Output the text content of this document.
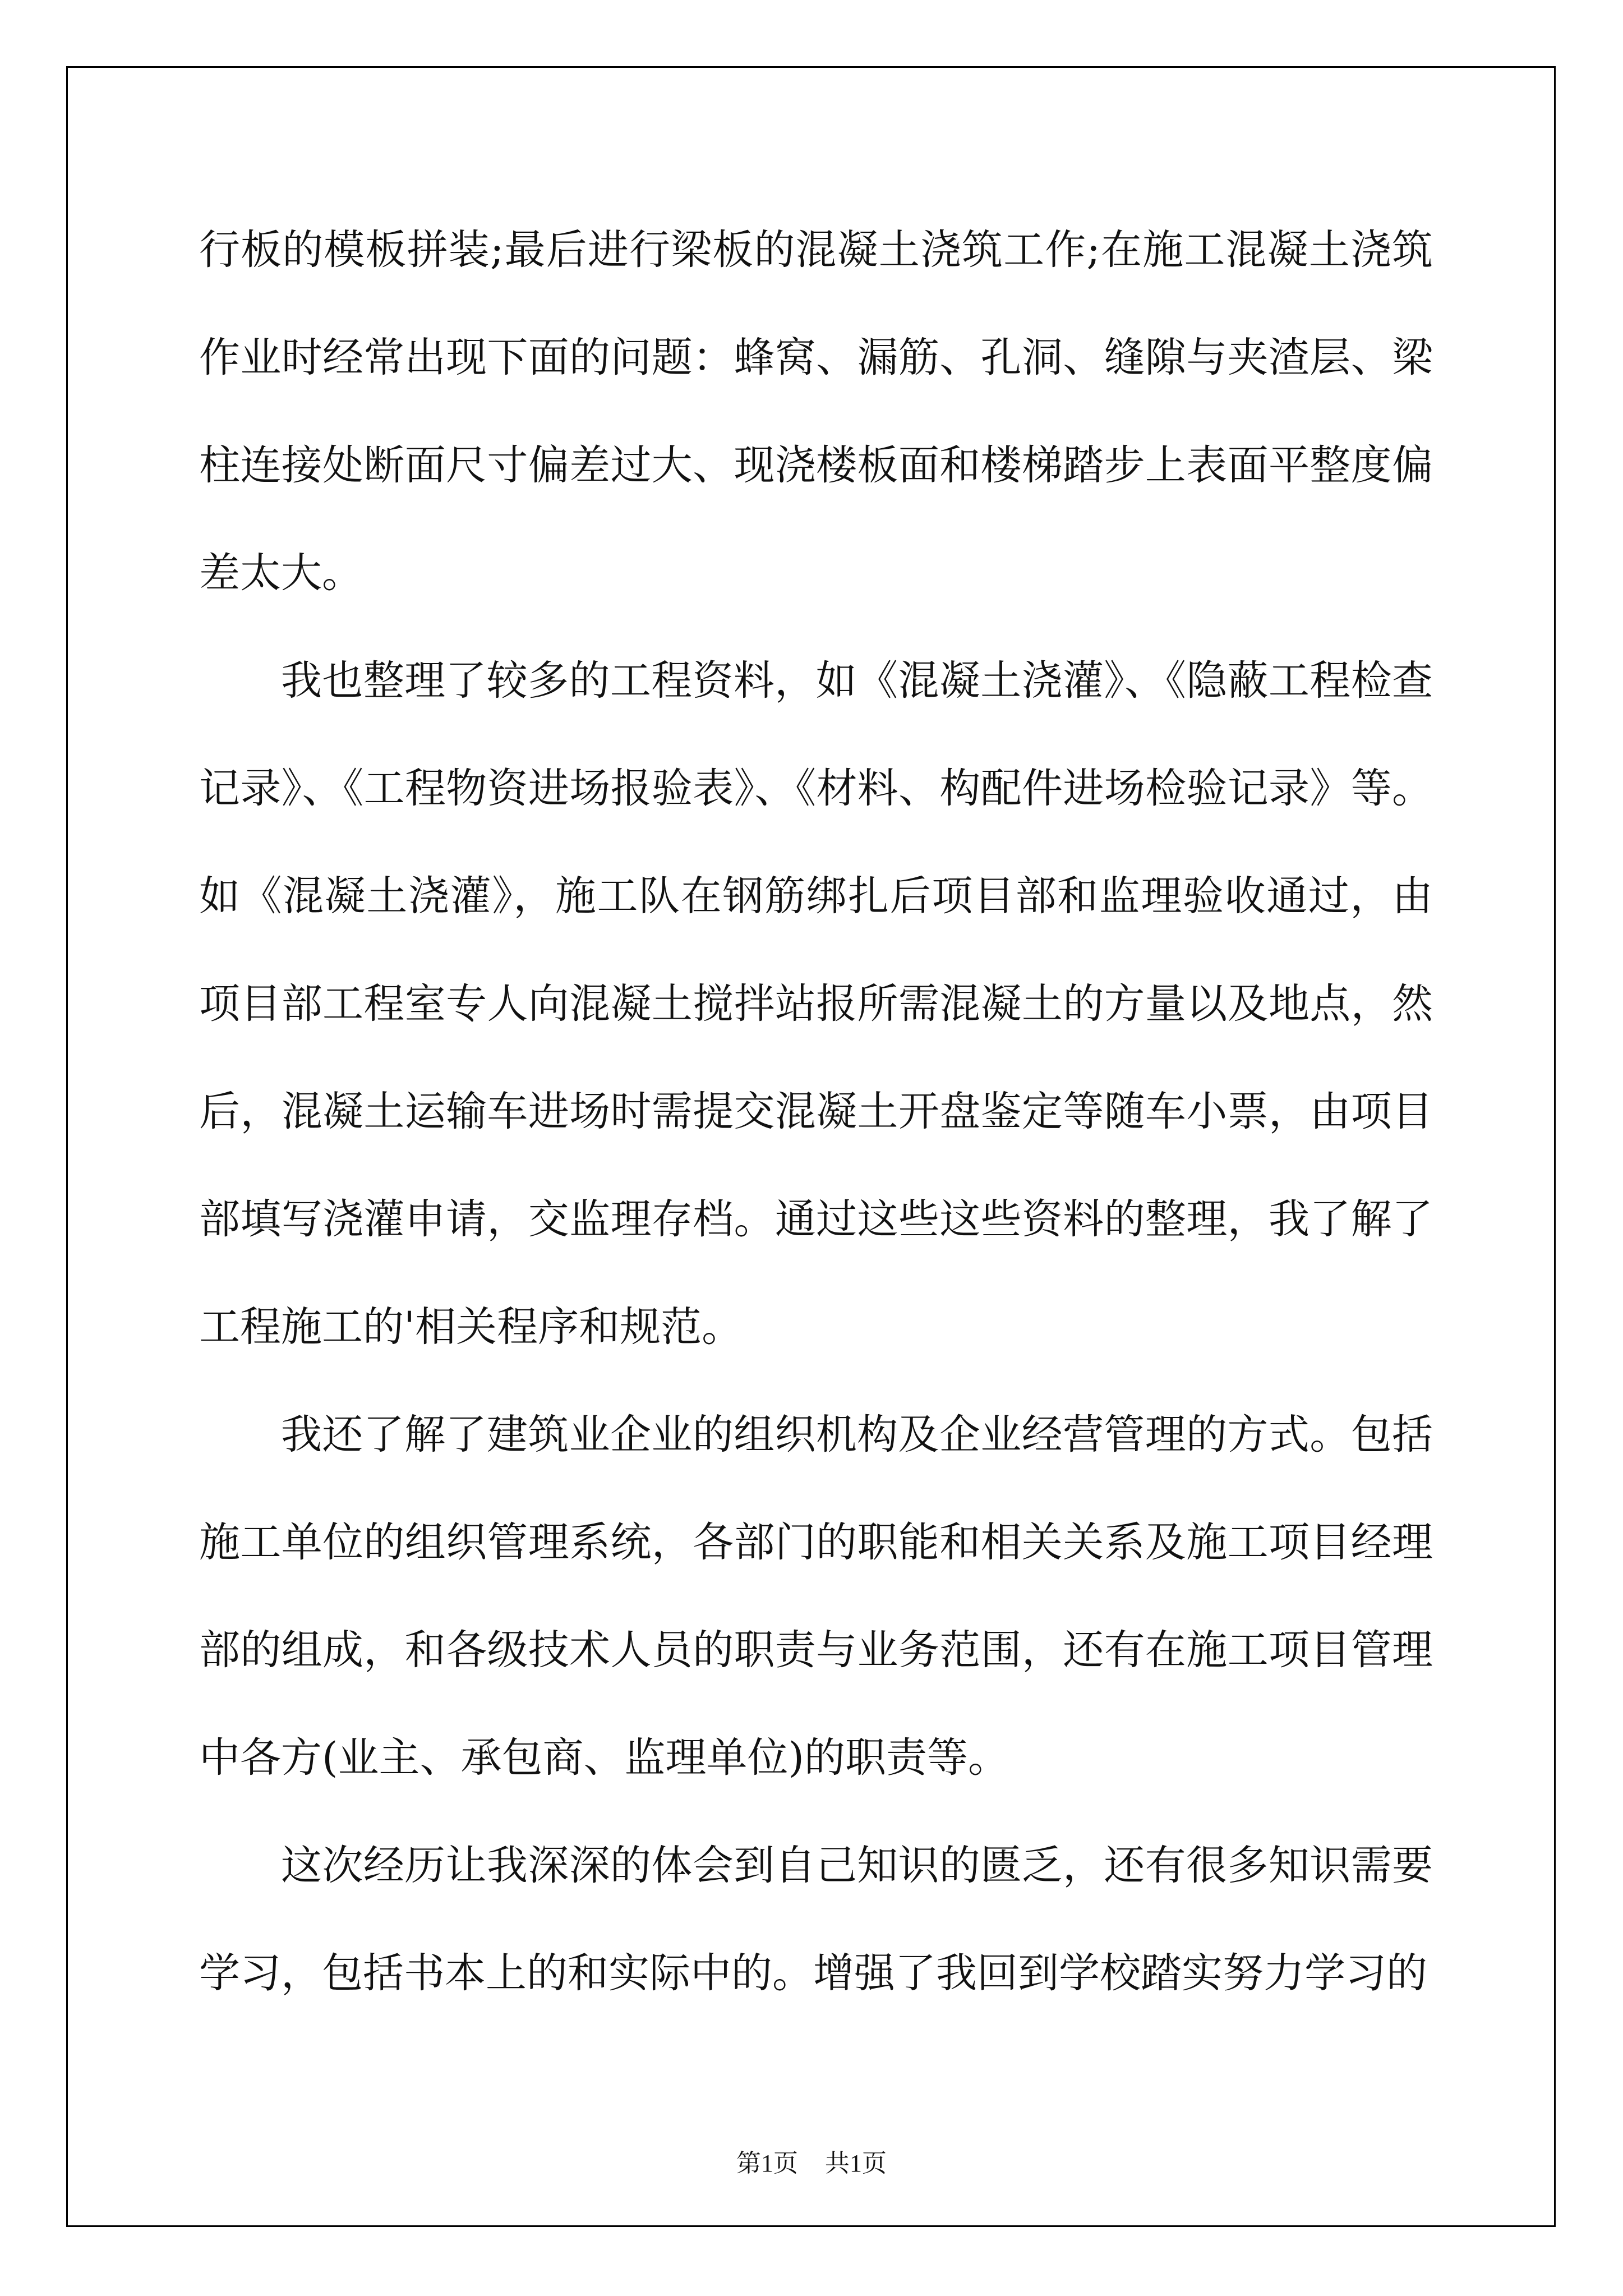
行板的模板拼装;最后进行梁板的混凝土浇筑工作;在施工混凝土浇筑作业时经常出现下面的问题：蜂窝、漏筋、孔洞、缝隙与夹渣层、梁柱连接处断面尺寸偏差过大、现浇楼板面和楼梯踏步上表面平整度偏差太大。

我也整理了较多的工程资料，如《混凝土浇灌》、《隐蔽工程检查记录》、《工程物资进场报验表》、《材料、构配件进场检验记录》等。如《混凝土浇灌》，施工队在钢筋绑扎后项目部和监理验收通过，由项目部工程室专人向混凝土搅拌站报所需混凝土的方量以及地点，然后，混凝土运输车进场时需提交混凝土开盘鉴定等随车小票，由项目部填写浇灌申请，交监理存档。通过这些这些资料的整理，我了解了工程施工的'相关程序和规范。

我还了解了建筑业企业的组织机构及企业经营管理的方式。包括施工单位的组织管理系统，各部门的职能和相关关系及施工项目经理部的组成，和各级技术人员的职责与业务范围，还有在施工项目管理中各方(业主、承包商、监理单位)的职责等。

这次经历让我深深的体会到自己知识的匮乏，还有很多知识需要学习，包括书本上的和实际中的。增强了我回到学校踏实努力学习的

第1页 共1页
